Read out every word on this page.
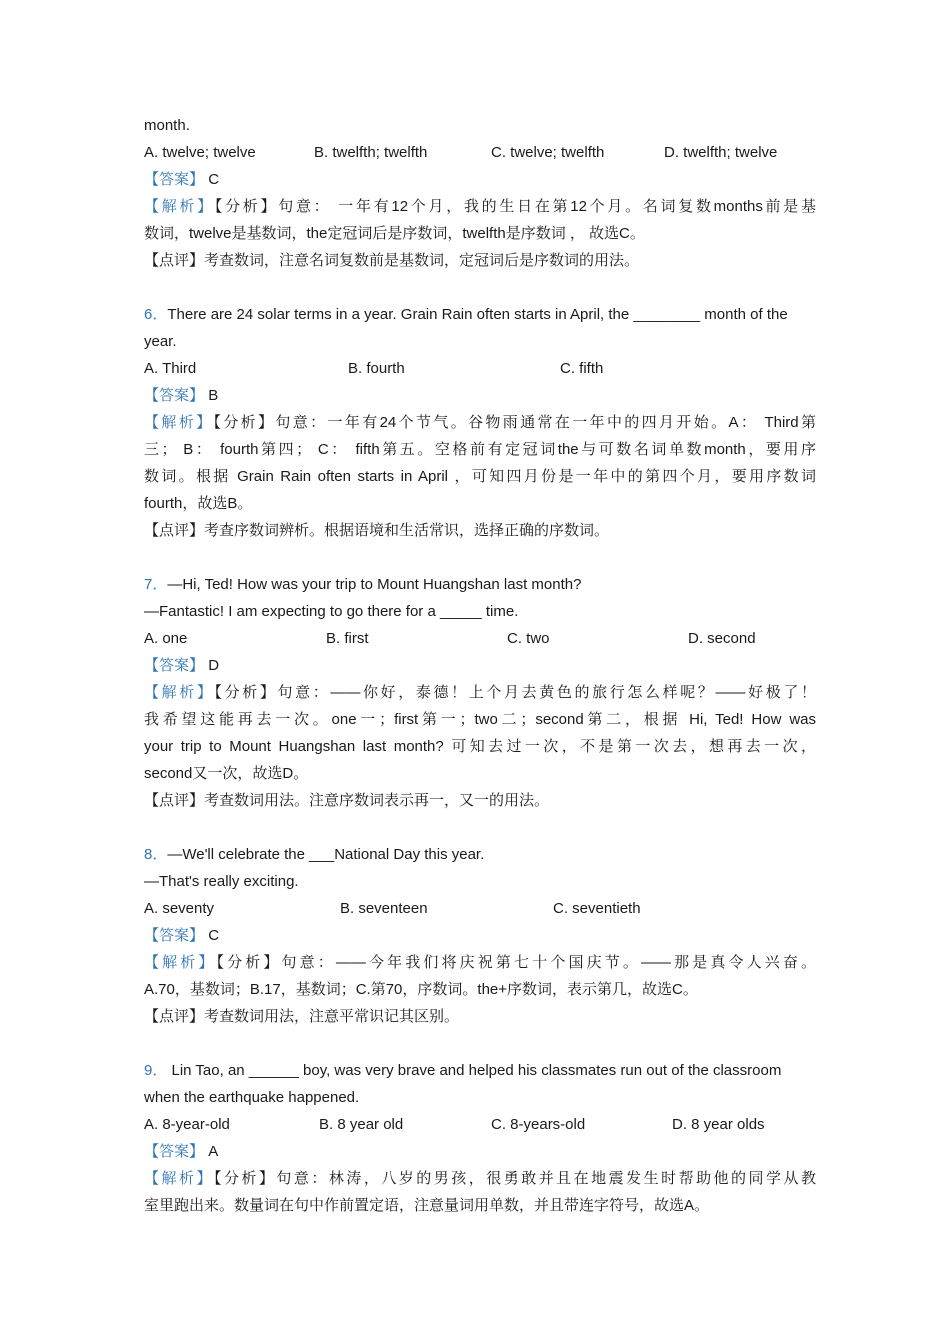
month.
A. twelve; twelve	B. twelfth; twelfth	C. twelve; twelfth	D. twelfth; twelve
【答案】 C
【解析】【分析】句意： 一年有12个月，我的生日在第12个月。名词复数months前是基
数词，twelve是基数词，the定冠词后是序数词，twelfth是序数词 ， 故选C。
【点评】考查数词，注意名词复数前是基数词，定冠词后是序数词的用法。
6．There are 24 solar terms in a year. Grain Rain often starts in April, the ________ month of the
year.
A. Third	B. fourth	C. fifth
【答案】 B
【解析】【分析】句意：一年有24个节气。谷物雨通常在一年中的四月开始。A： Third第
三； B： fourth第四； C： fifth第五。空格前有定冠词the与可数名词单数month，要用序
数词。根据 Grain Rain often starts in April ，可知四月份是一年中的第四个月，要用序数词
fourth，故选B。
【点评】考查序数词辨析。根据语境和生活常识，选择正确的序数词。
7．—Hi, Ted! How was your trip to Mount Huangshan last month?
—Fantastic! I am expecting to go there for a _____ time.
A. one	B. first	C. two	D. second
【答案】 D
【解析】【分析】句意：——你好，泰德！上个月去黄色的旅行怎么样呢？——好极了！
我希望这能再去一次。one一；first第一；two二；second第二，根据 Hi, Ted! How was
your trip to Mount Huangshan last month? 可知去过一次，不是第一次去，想再去一次，
second又一次，故选D。
【点评】考查数词用法。注意序数词表示再一，又一的用法。
8．—We'll celebrate the ___National Day this year.
—That's really exciting.
A. seventy	B. seventeen	C. seventieth
【答案】 C
【解析】【分析】句意：——今年我们将庆祝第七十个国庆节。——那是真令人兴奋。
A.70，基数词；B.17，基数词；C.第70，序数词。the+序数词，表示第几，故选C。
【点评】考查数词用法，注意平常识记其区别。
9． Lin Tao, an ______ boy, was very brave and helped his classmates run out of the classroom
when the earthquake happened.
A. 8-year-old	B. 8 year old	C. 8-years-old	D. 8 year olds
【答案】 A
【解析】【分析】句意：林涛，八岁的男孩，很勇敢并且在地震发生时帮助他的同学从教
室里跑出来。数量词在句中作前置定语，注意量词用单数，并且带连字符号，故选A。
